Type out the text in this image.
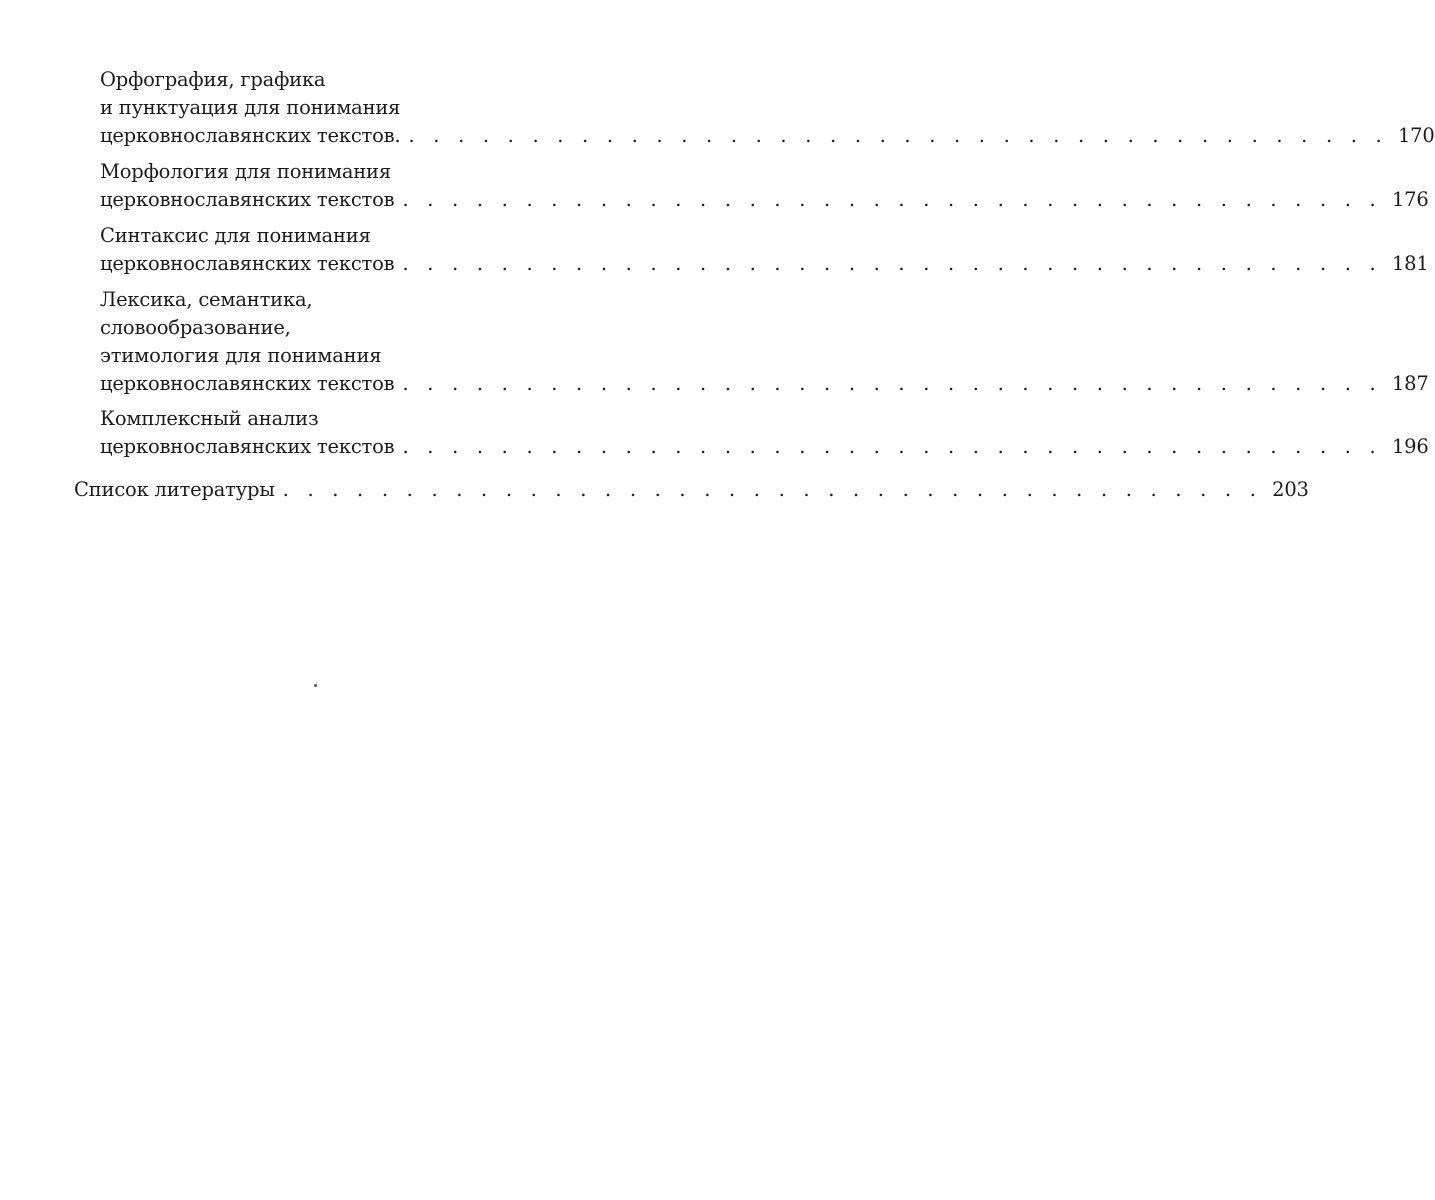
Орфография, графика
и пунктуация для понимания
церковнославянских текстов. . . . . . . . . . . . . . . . . . . . . . . . . . . . . . . . . . . . . . . . . 170
Морфология для понимания
церковнославянских текстов . . . . . . . . . . . . . . . . . . . . . . . . . . . . . . . . . . . . . . . . 176
Синтаксис для понимания
церковнославянских текстов . . . . . . . . . . . . . . . . . . . . . . . . . . . . . . . . . . . . . . . . 181
Лексика, семантика,
словообразование,
этимология для понимания
церковнославянских текстов . . . . . . . . . . . . . . . . . . . . . . . . . . . . . . . . . . . . . . . . 187
Комплексный анализ
церковнославянских текстов . . . . . . . . . . . . . . . . . . . . . . . . . . . . . . . . . . . . . . . . 196
Список литературы . . . . . . . . . . . . . . . . . . . . . . . . . . . . . . . . . . . . . . . . 203
